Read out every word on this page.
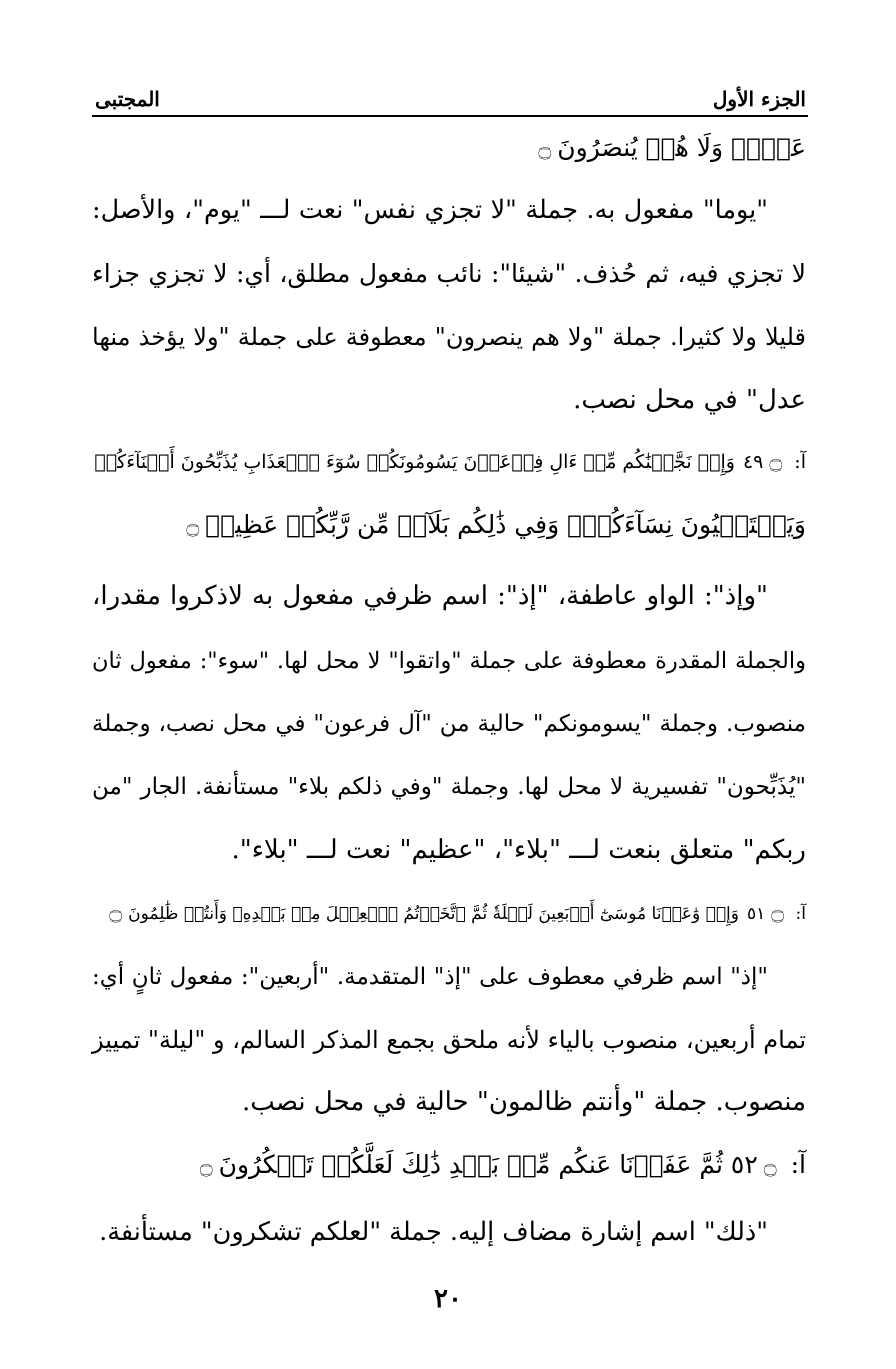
الجزء الأول
المجتبى
عَدۡلٞ وَلَا هُمۡ يُنصَرُونَ۝
"يوما" مفعول به. جملة "لا تجزي نفس" نعت لـــ "يوم"، والأصل:
لا تجزي فيه، ثم حُذف. "شيئا": نائب مفعول مطلق، أي: لا تجزي جزاء
قليلا ولا كثيرا. جملة "ولا هم ينصرون" معطوفة على جملة "ولا يؤخذ منها
عدل" في محل نصب.
آ: ٤٩۝وَإِذۡ نَجَّيۡنَٰكُم مِّنۡ ءَالِ فِرۡعَوۡنَ يَسُومُونَكُمۡ سُوٓءَ ٱلۡعَذَابِ يُذَبِّحُونَ أَبۡنَآءَكُمۡ
وَيَسۡتَحۡيُونَ نِسَآءَكُمۡۚ وَفِي ذَٰلِكُم بَلَآءٞ مِّن رَّبِّكُمۡ عَظِيمٞ۝
"وإذ": الواو عاطفة، "إذ": اسم ظرفي مفعول به لاذكروا مقدرا،
والجملة المقدرة معطوفة على جملة "واتقوا" لا محل لها. "سوء": مفعول ثان
منصوب. وجملة "يسومونكم" حالية من "آل فرعون" في محل نصب، وجملة
"يُذَبِّحون" تفسيرية لا محل لها. وجملة "وفي ذلكم بلاء" مستأنفة. الجار "من
ربكم" متعلق بنعت لـــ "بلاء"، "عظيم" نعت لـــ "بلاء".
آ: ٥١۝وَإِذۡ وَٰعَدۡنَا مُوسَىٰٓ أَرۡبَعِينَ لَيۡلَةٗ ثُمَّ ٱتَّخَذۡتُمُ ٱلۡعِجۡلَ مِنۢ بَعۡدِهِۦ وَأَنتُمۡ ظَٰلِمُونَ۝
"إذ" اسم ظرفي معطوف على "إذ" المتقدمة. "أربعين": مفعول ثانٍ أي:
تمام أربعين، منصوب بالياء لأنه ملحق بجمع المذكر السالم، و "ليلة" تمييز
منصوب. جملة "وأنتم ظالمون" حالية في محل نصب.
آ: ٥٢۝ثُمَّ عَفَوۡنَا عَنكُم مِّنۢ بَعۡدِ ذَٰلِكَ لَعَلَّكُمۡ تَشۡكُرُونَ۝
"ذلك" اسم إشارة مضاف إليه. جملة "لعلكم تشكرون" مستأنفة.
٢٠
